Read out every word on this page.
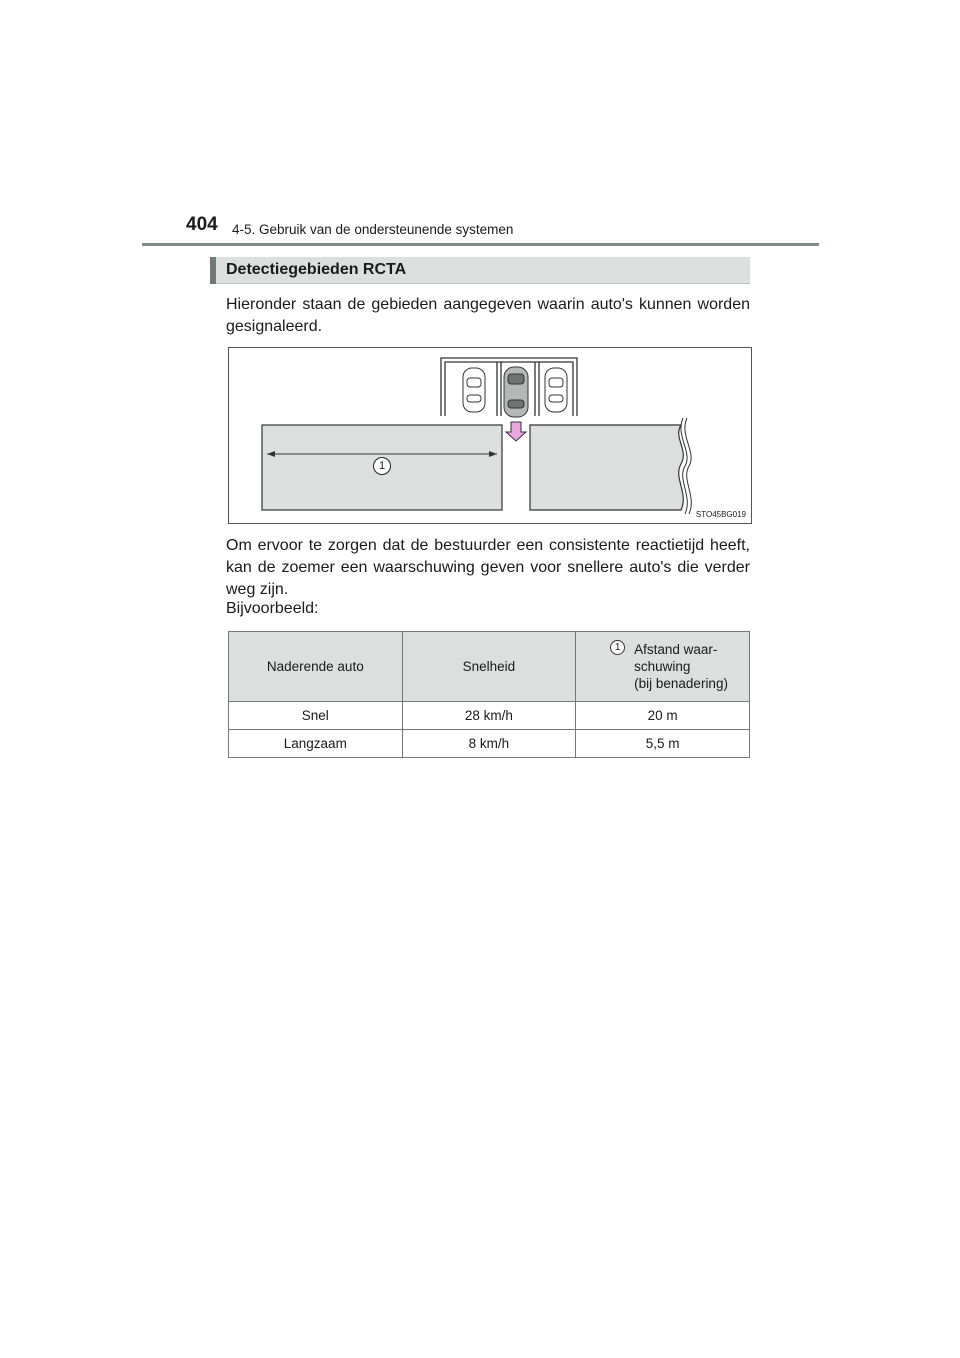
404 4-5. Gebruik van de ondersteunende systemen
Detectiegebieden RCTA
Hieronder staan de gebieden aangegeven waarin auto's kunnen worden gesignaleerd.
1
STO45BG019
Om ervoor te zorgen dat de bestuurder een consistente reactietijd heeft, kan de zoemer een waarschuwing geven voor snellere auto's die verder weg zijn.
Bijvoorbeeld:
Naderende auto	Snelheid	1 Afstand waar-
schuwing
(bij benadering)

Snel	28 km/h	20 m
Langzaam	8 km/h	5,5 m
